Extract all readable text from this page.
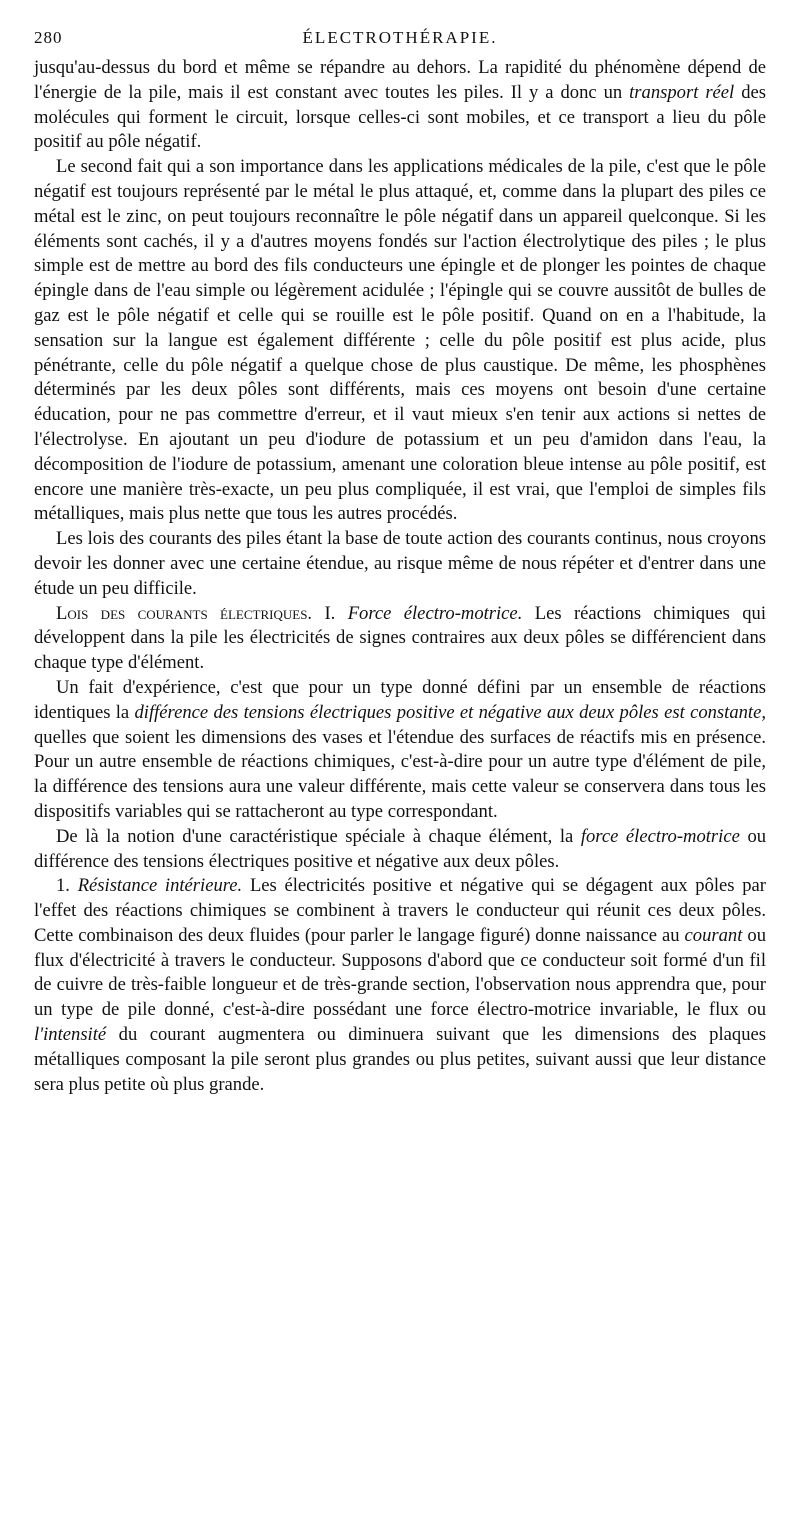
280	ÉLECTROTHÉRAPIE.

jusqu'au-dessus du bord et même se répandre au dehors. La rapidité du phénomène dépend de l'énergie de la pile, mais il est constant avec toutes les piles. Il y a donc un transport réel des molécules qui forment le circuit, lorsque celles-ci sont mobiles, et ce transport a lieu du pôle positif au pôle négatif.

Le second fait qui a son importance dans les applications médicales de la pile, c'est que le pôle négatif est toujours représenté par le métal le plus attaqué, et, comme dans la plupart des piles ce métal est le zinc, on peut toujours reconnaître le pôle négatif dans un appareil quelconque. Si les éléments sont cachés, il y a d'autres moyens fondés sur l'action électrolytique des piles ; le plus simple est de mettre au bord des fils conducteurs une épingle et de plonger les pointes de chaque épingle dans de l'eau simple ou légèrement acidulée ; l'épingle qui se couvre aussitôt de bulles de gaz est le pôle négatif et celle qui se rouille est le pôle positif. Quand on en a l'habitude, la sensation sur la langue est également différente ; celle du pôle positif est plus acide, plus pénétrante, celle du pôle négatif a quelque chose de plus caustique. De même, les phosphènes déterminés par les deux pôles sont différents, mais ces moyens ont besoin d'une certaine éducation, pour ne pas commettre d'erreur, et il vaut mieux s'en tenir aux actions si nettes de l'électrolyse. En ajoutant un peu d'iodure de potassium et un peu d'amidon dans l'eau, la décomposition de l'iodure de potassium, amenant une coloration bleue intense au pôle positif, est encore une manière très-exacte, un peu plus compliquée, il est vrai, que l'emploi de simples fils métalliques, mais plus nette que tous les autres procédés.

Les lois des courants des piles étant la base de toute action des courants continus, nous croyons devoir les donner avec une certaine étendue, au risque même de nous répéter et d'entrer dans une étude un peu difficile.

Lois des courants électriques. I. Force électro-motrice. Les réactions chimiques qui développent dans la pile les électricités de signes contraires aux deux pôles se différencient dans chaque type d'élément.

Un fait d'expérience, c'est que pour un type donné défini par un ensemble de réactions identiques la différence des tensions électriques positive et négative aux deux pôles est constante, quelles que soient les dimensions des vases et l'étendue des surfaces de réactifs mis en présence. Pour un autre ensemble de réactions chimiques, c'est-à-dire pour un autre type d'élément de pile, la différence des tensions aura une valeur différente, mais cette valeur se conservera dans tous les dispositifs variables qui se rattacheront au type correspondant.

De là la notion d'une caractéristique spéciale à chaque élément, la force électro-motrice ou différence des tensions électriques positive et négative aux deux pôles.

1. Résistance intérieure. Les électricités positive et négative qui se dégagent aux pôles par l'effet des réactions chimiques se combinent à travers le conducteur qui réunit ces deux pôles. Cette combinaison des deux fluides (pour parler le langage figuré) donne naissance au courant ou flux d'électricité à travers le conducteur. Supposons d'abord que ce conducteur soit formé d'un fil de cuivre de très-faible longueur et de très-grande section, l'observation nous apprendra que, pour un type de pile donné, c'est-à-dire possédant une force électro-motrice invariable, le flux ou l'intensité du courant augmentera ou diminuera suivant que les dimensions des plaques métalliques composant la pile seront plus grandes ou plus petites, suivant aussi que leur distance sera plus petite où plus grande.
